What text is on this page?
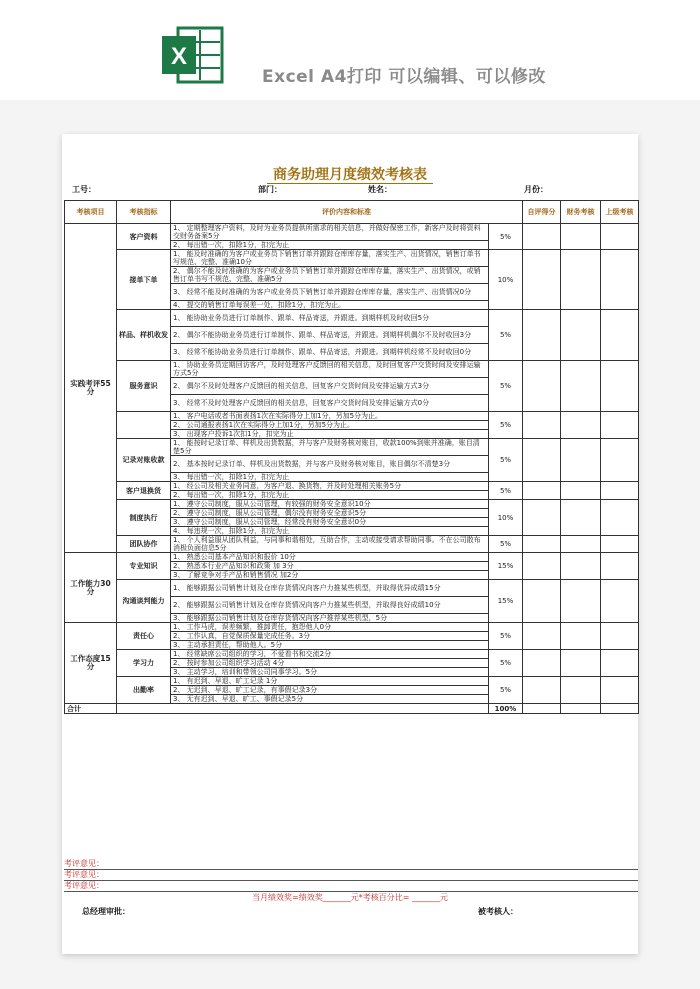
X
Excel A4打印 可以编辑、可以修改
商务助理月度绩效考核表
工号：	部门：	姓名：	月份：
考核项目	考核指标	评价内容和标准		自评得分	财务考核	上级考核
实践考评55分	客户资料	1、 定期整理客户资料，及时为业务员提供所需求的相关信息，并做好保密工作，新客户及时将资料交财务备案5分	5%			
		2、 每出错一次，扣除1分，扣完为止				
	接单下单	1、 能及时准确的为客户或业务员下销售订单并跟踪仓库库存量，落实生产、出货情况，销售订单书写规范、完整、准确10分	10%			
		2、 偶尔不能及时准确的为客户或业务员下销售订单并跟踪仓库库存量，落实生产、出货情况，或销售订单书写不规范、完整、准确5分				
		3、 经常不能及时准确的为客户或业务员下销售订单并跟踪仓库库存量，落实生产、出货情况0分				
		4、 提交的销售订单每误差一处，扣除1分，扣完为止。				
	样品、样机收发	1、 能协助业务员进行订单制作、跟单、样品寄送，并跟进。到期样机及时收回5分	5%			
		2、 偶尔不能协助业务员进行订单制作、跟单、样品寄送，并跟进。到期样机偶尔不及时收回3分				
		3、 经常不能协助业务员进行订单制作、跟单、样品寄送，并跟进。到期样机经常不及时收回0分				
	服务意识	1、 协助业务员定期回访客户，及时处理客户反馈回的相关信息，及时回复客户交货时间及安排运输方式5分	5%			
		2、 偶尔不及时处理客户反馈回的相关信息，回复客户交货时间及安排运输方式3分				
		3、 经常不及时处理客户反馈回的相关信息，回复客户交货时间及安排运输方式0分				
		1、 客户电话或者书面表扬1次在实际得分上加1分，另加5分为止。	5%			
		2、 公司通报表扬1次在实际得分上加1分，另加5分为止。				
		3、 出现客户投诉1次扣1分，扣完为止				
	记录对账收款	1、 能按时记录订单、样机及出货数据，并与客户及财务核对账目，收款100%到账并准确，账目清楚5分	5%			
		2、 基本按时记录订单、样机及出货数据，并与客户及财务核对账目，账目偶尔不清楚3分				
		3、 每出错一次，扣除1分，扣完为止				
	客户退换货	1、 经公司及相关业务同意，为客户退、换货物，并及时处理相关账务5分	5%			
		2、 每出错一次，扣除1分，扣完为止				
	制度执行	1、 遵守公司制度，服从公司管理，有较强的财务安全意识10分	10%			
		2、 遵守公司制度，服从公司管理，偶尔没有财务安全意识5分				
		3、 遵守公司制度，服从公司管理，经常没有财务安全意识0分				
		4、 每违规一次，扣除1分，扣完为止				
	团队协作	1、 个人利益服从团队利益，与同事和谐相处，互助合作，主动或接受请求帮助同事。不在公司散布消极负面信息5分	5%			
工作能力30分	专业知识	1、 熟悉公司基本产品知识和报价 10分	15%			
		2、 熟悉本行业产品知识和政策 加 3分				
		3、 了解竞争对手产品和销售情况 加2分				
	沟通谈判能力	1、 能够跟据公司销售计划及仓库存货情况向客户力推某些机型，并取得优异成绩15分	15%			
		2、 能够跟据公司销售计划及仓库存货情况向客户力推某些机型，并取得良好成绩10分				
		3、 能够跟据公司销售计划及仓库存货情况向客户推荐某些机型，5分				
工作态度15分	责任心	1、 工作马虎，误差频繁，推卸责任，抱怨他人0分	5%			
		2、 工作认真，自觉保质保量完成任务。3分				
		3、 主动承担责任，帮助他人。5分				
	学习力	1、 经常缺席公司组织的学习，不爱看书和交流2分	5%			
		2、 按时参加公司组织学习活动 4分				
		3、 主动学习，培训和带领公司同事学习。5分				
	出勤率	1、 有迟到、早退、旷工记录 1分	5%			
		2、 无迟到、早退、旷工记录，有事假记录3分				
		3、 无有迟到、早退、旷工、事假记录5分				
合计			100%			
考评意见：
考评意见：
考评意见：
当月绩效奖=绩效奖_______元*考核百分比= _______元
总经理审批：	被考核人：
